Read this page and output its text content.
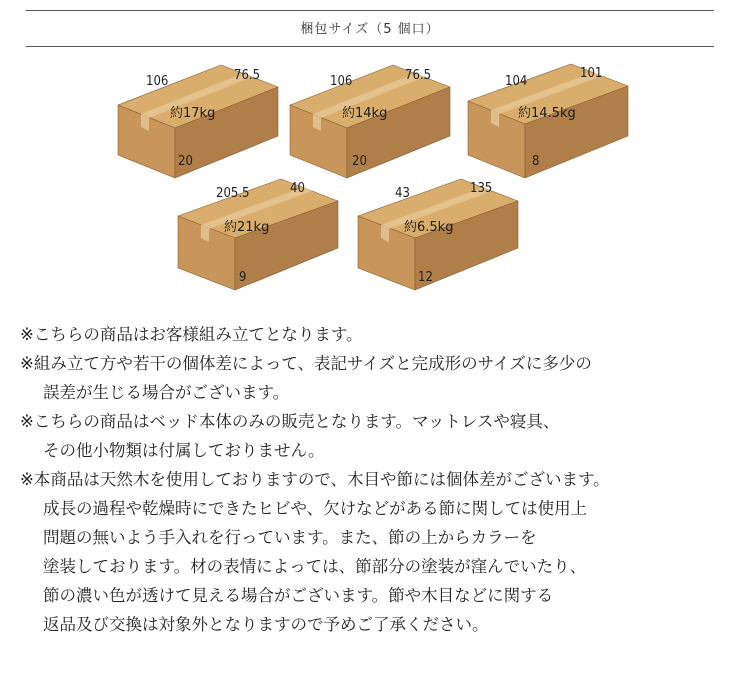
梱包サイズ（5 個口）
106	76.5
約17kg
20
106	76.5
約14kg
20
104
101
約14.5kg
8
205.5	40
約21kg
9
43	135
約6.5kg
12
※こちらの商品はお客様組み立てとなります。
※組み立て方や若干の個体差によって、表記サイズと完成形のサイズに多少の
誤差が生じる場合がございます。
※こちらの商品はベッド本体のみの販売となります。マットレスや寝具、
その他小物類は付属しておりません。
※本商品は天然木を使用しておりますので、木目や節には個体差がございます。
成長の過程や乾燥時にできたヒビや、欠けなどがある節に関しては使用上
問題の無いよう手入れを行っています。また、節の上からカラーを
塗装しております。材の表情によっては、節部分の塗装が窪んでいたり、
節の濃い色が透けて見える場合がございます。節や木目などに関する
返品及び交換は対象外となりますので予めご了承ください。
